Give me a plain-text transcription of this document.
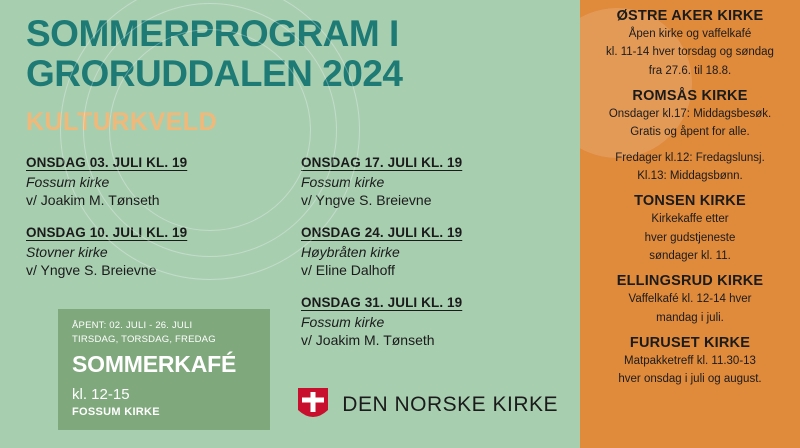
SOMMERPROGRAM I GRORUDDALEN 2024
KULTURKVELD
ONSDAG 03. JULI KL. 19
Fossum kirke
v/ Joakim M. Tønseth
ONSDAG 10. JULI KL. 19
Stovner kirke
v/ Yngve S. Breievne
ONSDAG 17. JULI KL. 19
Fossum kirke
v/ Yngve S. Breievne
ONSDAG 24. JULI KL. 19
Høybråten kirke
v/ Eline Dalhoff
ONSDAG 31. JULI KL. 19
Fossum kirke
v/ Joakim M. Tønseth
ÅPENT: 02. JULI - 26. JULI
TIRSDAG, TORSDAG, FREDAG
SOMMERKAFÉ
kl. 12-15
FOSSUM KIRKE	DEN NORSKE KIRKE
ØSTRE AKER KIRKE
Åpen kirke og vaffelkafé
kl. 11-14 hver torsdag og søndag
fra 27.6. til 18.8.
ROMSÅS KIRKE
Onsdager kl.17: Middagsbesøk.
Gratis og åpent for alle.
Fredager kl.12: Fredagslunsj.
Kl.13: Middagsbønn.
TONSEN KIRKE
Kirkekaffe etter
hver gudstjeneste
søndager kl. 11.
ELLINGSRUD KIRKE
Vaffelkafé kl. 12-14 hver
mandag i juli.
FURUSET KIRKE
Matpakketreff kl. 11.30-13
hver onsdag i juli og august.
